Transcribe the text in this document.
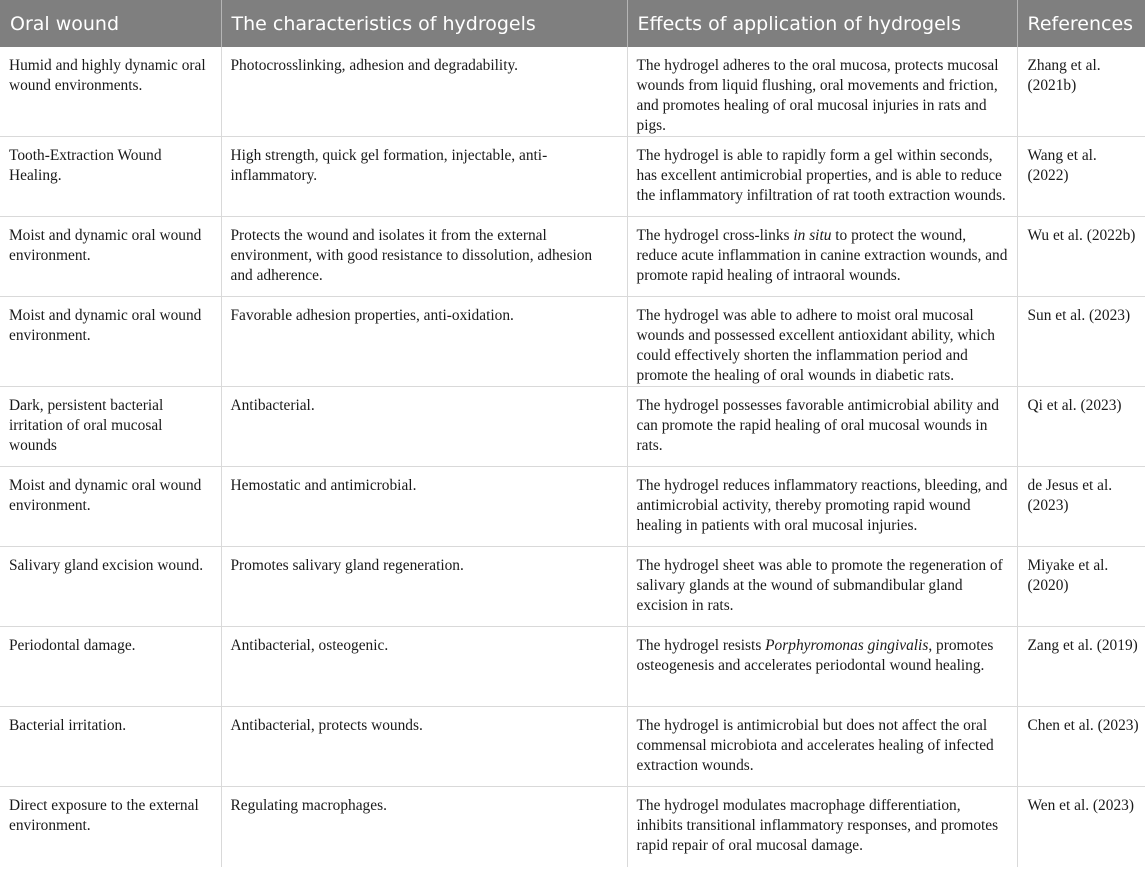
Oral wound	The characteristics of hydrogels	Effects of application of hydrogels	References
Humid and highly dynamic oral wound environments.	Photocrosslinking, adhesion and degradability.	The hydrogel adheres to the oral mucosa, protects mucosal wounds from liquid flushing, oral movements and friction, and promotes healing of oral mucosal injuries in rats and pigs.	Zhang et al. (2021b)
Tooth-Extraction Wound Healing.	High strength, quick gel formation, injectable, anti-inflammatory.	The hydrogel is able to rapidly form a gel within seconds, has excellent antimicrobial properties, and is able to reduce the inflammatory infiltration of rat tooth extraction wounds.	Wang et al. (2022)
Moist and dynamic oral wound environment.	Protects the wound and isolates it from the external environment, with good resistance to dissolution, adhesion and adherence.	The hydrogel cross-links in situ to protect the wound, reduce acute inflammation in canine extraction wounds, and promote rapid healing of intraoral wounds.	Wu et al. (2022b)
Moist and dynamic oral wound environment.	Favorable adhesion properties, anti-oxidation.	The hydrogel was able to adhere to moist oral mucosal wounds and possessed excellent antioxidant ability, which could effectively shorten the inflammation period and promote the healing of oral wounds in diabetic rats.	Sun et al. (2023)
Dark, persistent bacterial irritation of oral mucosal wounds	Antibacterial.	The hydrogel possesses favorable antimicrobial ability and can promote the rapid healing of oral mucosal wounds in rats.	Qi et al. (2023)
Moist and dynamic oral wound environment.	Hemostatic and antimicrobial.	The hydrogel reduces inflammatory reactions, bleeding, and antimicrobial activity, thereby promoting rapid wound healing in patients with oral mucosal injuries.	de Jesus et al. (2023)
Salivary gland excision wound.	Promotes salivary gland regeneration.	The hydrogel sheet was able to promote the regeneration of salivary glands at the wound of submandibular gland excision in rats.	Miyake et al. (2020)
Periodontal damage.	Antibacterial, osteogenic.	The hydrogel resists Porphyromonas gingivalis, promotes osteogenesis and accelerates periodontal wound healing.	Zang et al. (2019)
Bacterial irritation.	Antibacterial, protects wounds.	The hydrogel is antimicrobial but does not affect the oral commensal microbiota and accelerates healing of infected extraction wounds.	Chen et al. (2023)
Direct exposure to the external environment.	Regulating macrophages.	The hydrogel modulates macrophage differentiation, inhibits transitional inflammatory responses, and promotes rapid repair of oral mucosal damage.	Wen et al. (2023)
